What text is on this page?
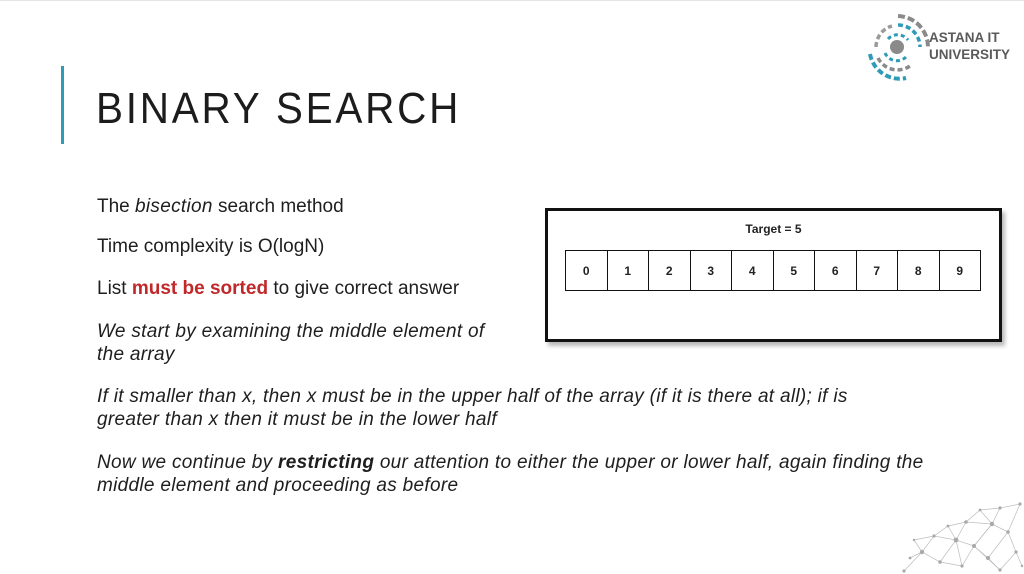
BINARY SEARCH
ASTANA IT
UNIVERSITY
The bisection search method
Time complexity is O(logN)
List must be sorted to give correct answer
We start by examining the middle element of
the array
If it smaller than x, then x must be in the upper half of the array (if it is there at all); if is
greater than x then it must be in the lower half
Now we continue by restricting our attention to either the upper or lower half, again finding the
middle element and proceeding as before
Target = 5
0	1	2	3	4	5	6	7	8	9
